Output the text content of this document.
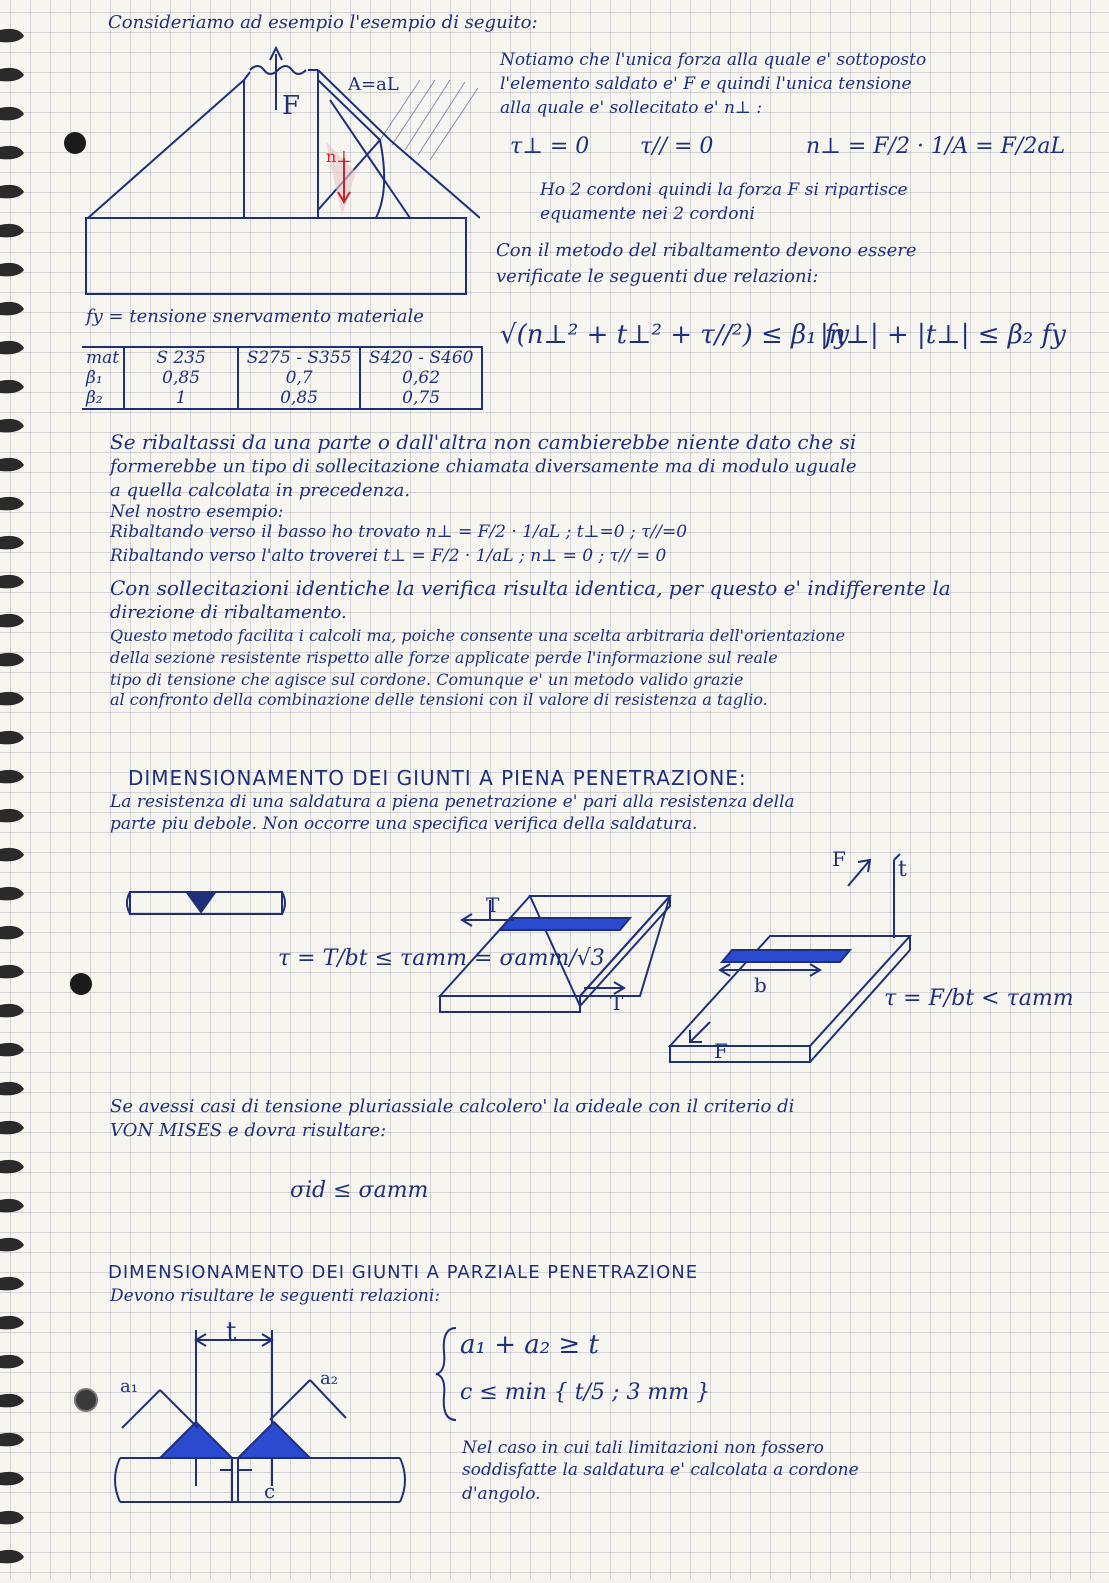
Consideriamo ad esempio l'esempio di seguito:
F
A=aL
n⊥
Notiamo che l'unica forza alla quale e' sottoposto
l'elemento saldato e' F e quindi l'unica tensione
alla quale e' sollecitato e' n⊥ :
τ⊥ = 0 τ// = 0	n⊥ = F/2 · 1/A = F/2aL
Ho 2 cordoni quindi la forza F si ripartisce
equamente nei 2 cordoni
Con il metodo del ribaltamento devono essere
verificate le seguenti due relazioni:
√(n⊥² + t⊥² + τ//²) ≤ β₁ fy
|n⊥| + |t⊥| ≤ β₂ fy
fy = tensione snervamento materiale
mat	S 235	S275 - S355	S420 - S460
β₁	0,85	0,7	0,62
β₂	1	0,85	0,75
Se ribaltassi da una parte o dall'altra non cambierebbe niente dato che si
formerebbe un tipo di sollecitazione chiamata diversamente ma di modulo uguale
a quella calcolata in precedenza.
Nel nostro esempio:
Ribaltando verso il basso ho trovato n⊥ = F/2 · 1/aL ; t⊥=0 ; τ//=0
Ribaltando verso l'alto troverei t⊥ = F/2 · 1/aL ; n⊥ = 0 ; τ// = 0
Con sollecitazioni identiche la verifica risulta identica, per questo e' indifferente la
direzione di ribaltamento.
Questo metodo facilita i calcoli ma, poiche consente una scelta arbitraria dell'orientazione
della sezione resistente rispetto alle forze applicate perde l'informazione sul reale
tipo di tensione che agisce sul cordone. Comunque e' un metodo valido grazie
al confronto della combinazione delle tensioni con il valore di resistenza a taglio.
DIMENSIONAMENTO DEI GIUNTI A PIENA PENETRAZIONE:
La resistenza di una saldatura a piena penetrazione e' pari alla resistenza della
parte piu debole. Non occorre una specifica verifica della saldatura.
T
T
F
F
t
b
τ = T/bt ≤ τamm = σamm/√3
τ = F/bt < τamm
Se avessi casi di tensione pluriassiale calcolero' la σideale con il criterio di
VON MISES e dovra risultare:
σid ≤ σamm
DIMENSIONAMENTO DEI GIUNTI A PARZIALE PENETRAZIONE
Devono risultare le seguenti relazioni:
t
a₁	a₂
c
a₁ + a₂ ≥ t
c ≤ min { t/5 ; 3 mm }
Nel caso in cui tali limitazioni non fossero
soddisfatte la saldatura e' calcolata a cordone
d'angolo.
